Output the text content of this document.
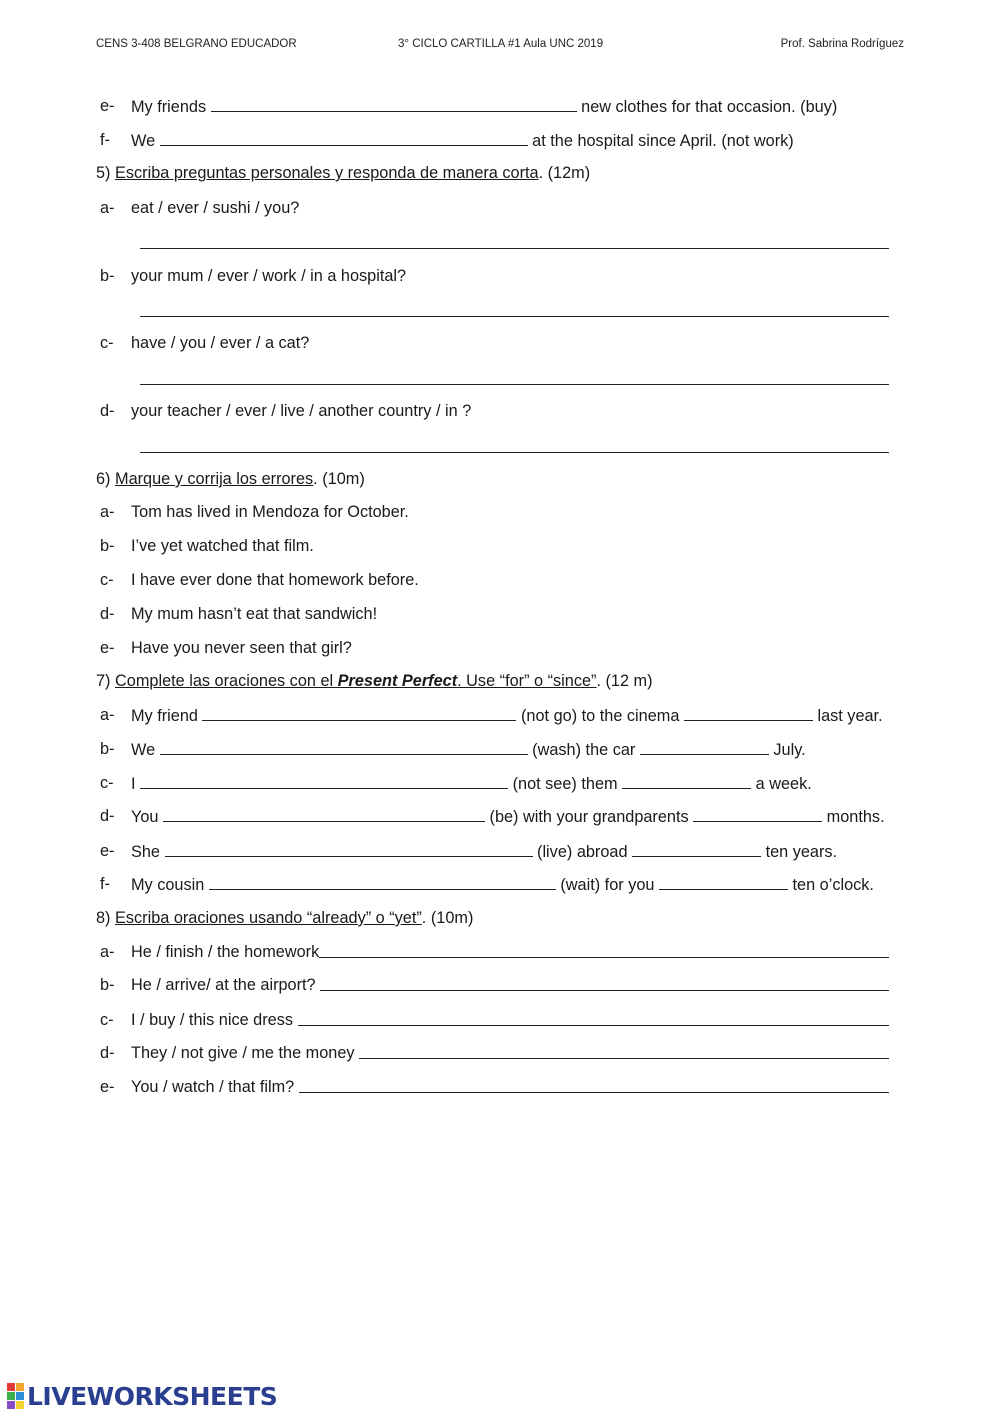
CENS 3-408 BELGRANO EDUCADOR	3° CICLO CARTILLA #1 Aula UNC 2019	Prof. Sabrina Rodríguez
e- My friends	new clothes for that occasion. (buy)
f- We	at the hospital since April. (not work)
5) Escriba preguntas personales y responda de manera corta. (12m)
a- eat / ever / sushi / you?
b- your mum / ever / work / in a hospital?
c- have / you / ever / a cat?
d- your teacher / ever / live / another country / in ?
6) Marque y corrija los errores. (10m)
a- Tom has lived in Mendoza for October.
b- I’ve yet watched that film.
c- I have ever done that homework before.
d- My mum hasn’t eat that sandwich!
e- Have you never seen that girl?
7) Complete las oraciones con el Present Perfect. Use “for” o “since”. (12 m)
a- My friend	(not go) to the cinema	last year.
b- We	(wash) the car	July.
c- I	(not see) them	a week.
d- You	(be) with your grandparents	months.
e- She	(live) abroad	ten years.
f- My cousin	(wait) for you	ten o’clock.
8) Escriba oraciones usando “already” o “yet”. (10m)
a- He / finish / the homework
b- He / arrive/ at the airport?
c- I / buy / this nice dress
d- They / not give / me the money
e- You / watch / that film?
LIVEWORKSHEETS
